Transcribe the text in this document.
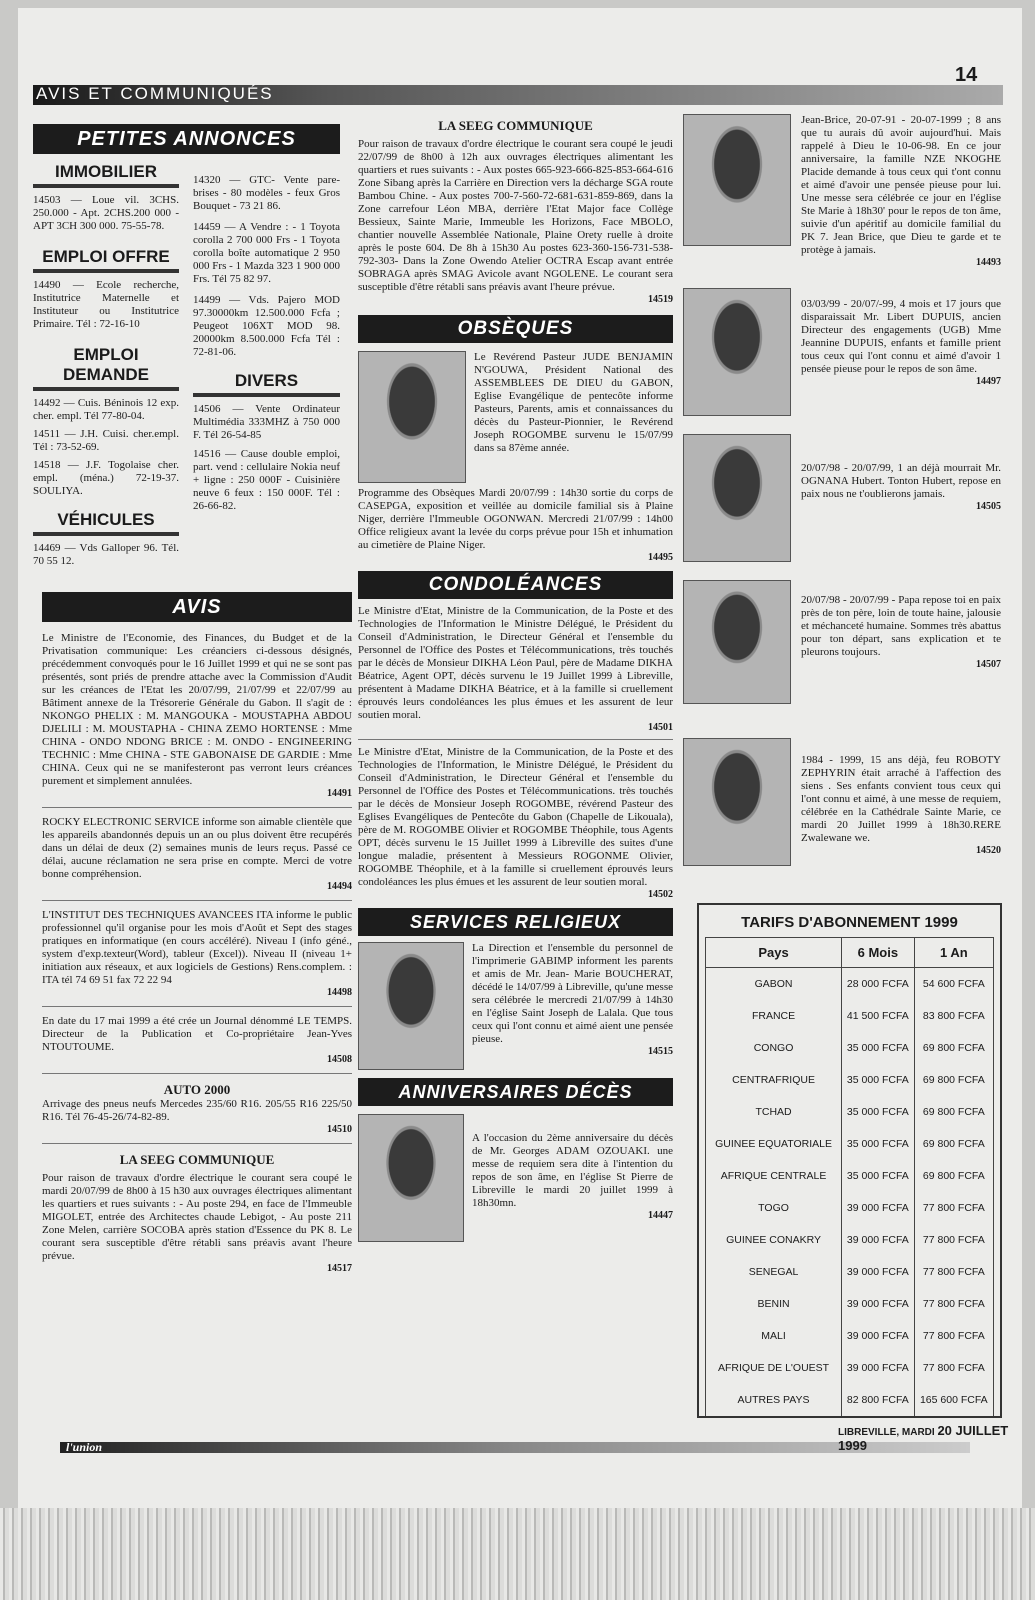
AVIS ET COMMUNIQUÉS
14
PETITES ANNONCES
IMMOBILIER
14503 — Loue vil. 3CHS. 250.000 - Apt. 2CHS.200 000 - APT 3CH 300 000. 75-55-78.
EMPLOI OFFRE
14490 — Ecole recherche, Institutrice Maternelle et Instituteur ou Institutrice Primaire. Tél : 72-16-10
EMPLOI DEMANDE
14492 — Cuis. Béninois 12 exp. cher. empl. Tél 77-80-04.
14511 — J.H. Cuisi. cher.empl. Tél : 73-52-69.
14518 — J.F. Togolaise cher. empl. (ména.) 72-19-37. SOULIYA.
VÉHICULES
14469 — Vds Galloper 96. Tél. 70 55 12.
14320 — GTC- Vente pare-brises - 80 modèles - feux Gros Bouquet - 73 21 86.
14459 — A Vendre : - 1 Toyota corolla 2 700 000 Frs - 1 Toyota corolla boîte automatique 2 950 000 Frs - 1 Mazda 323 1 900 000 Frs. Tél 75 82 97.
14499 — Vds. Pajero MOD 97.30000km 12.500.000 Fcfa ; Peugeot 106XT MOD 98. 20000km 8.500.000 Fcfa Tél : 72-81-06.
DIVERS
14506 — Vente Ordinateur Multimédia 333MHZ à 750 000 F. Tél 26-54-85
14516 — Cause double emploi, part. vend : cellulaire Nokia neuf + ligne : 250 000F - Cuisinière neuve 6 feux : 150 000F. Tél : 26-66-82.
AVIS
Le Ministre de l'Economie, des Finances, du Budget et de la Privatisation communique: Les créanciers ci-dessous désignés, précédemment convoqués pour le 16 Juillet 1999 et qui ne se sont pas présentés, sont priés de prendre attache avec la Commission d'Audit sur les créances de l'Etat les 20/07/99, 21/07/99 et 22/07/99 au Bâtiment annexe de la Trésorerie Générale du Gabon. Il s'agit de : NKONGO PHELIX : M. MANGOUKA - MOUSTAPHA ABDOU DJELILI : M. MOUSTAPHA - CHINA ZEMO HORTENSE : Mme CHINA - ONDO NDONG BRICE : M. ONDO - ENGINEERING TECHNIC : Mme CHINA - STE GABONAISE DE GARDIE : Mme CHINA. Ceux qui ne se manifesteront pas verront leurs créances purement et simplement annulées.
14491
ROCKY ELECTRONIC SERVICE informe son aimable clientèle que les appareils abandonnés depuis un an ou plus doivent être recupérés dans un délai de deux (2) semaines munis de leurs reçus. Passé ce délai, aucune réclamation ne sera prise en compte. Merci de votre bonne compréhension.
14494
L'INSTITUT DES TECHNIQUES AVANCEES ITA informe le public professionnel qu'il organise pour les mois d'Août et Sept des stages pratiques en informatique (en cours accéléré). Niveau I (info géné., system d'exp.texteur(Word), tableur (Excel)). Niveau II (niveau 1+ initiation aux réseaux, et aux logiciels de Gestions) Rens.complem. : ITA tél 74 69 51 fax 72 22 94
14498
En date du 17 mai 1999 a été crée un Journal dénommé LE TEMPS. Directeur de la Publication et Co-propriétaire Jean-Yves NTOUTOUME.
14508
AUTO 2000
Arrivage des pneus neufs Mercedes 235/60 R16. 205/55 R16 225/50 R16. Tél 76-45-26/74-82-89.
14510
LA SEEG COMMUNIQUE
Pour raison de travaux d'ordre électrique le courant sera coupé le mardi 20/07/99 de 8h00 à 15 h30 aux ouvrages électriques alimentant les quartiers et rues suivants : - Au poste 294, en face de l'Immeuble MIGOLET, entrée des Architectes chaude Lebigot, - Au poste 211 Zone Melen, carrière SOCOBA après station d'Essence du PK 8. Le courant sera susceptible d'être rétabli sans préavis avant l'heure prévue.
14517
LA SEEG COMMUNIQUE
Pour raison de travaux d'ordre électrique le courant sera coupé le jeudi 22/07/99 de 8h00 à 12h aux ouvrages électriques alimentant les quartiers et rues suivants : - Aux postes 665-923-666-825-853-664-616 Zone Sibang après la Carrière en Direction vers la décharge SGA route Bambou Chine. - Aux postes 700-7-560-72-681-631-859-869, dans la Zone carrefour Léon MBA, derrière l'Etat Major face Collège Bessieux, Sainte Marie, Immeuble les Horizons, Face MBOLO, chantier nouvelle Assemblée Nationale, Plaine Orety ruelle à droite après le poste 604. De 8h à 15h30 Au postes 623-360-156-731-538-792-303- Dans la Zone Owendo Atelier OCTRA Escap avant entrée SOBRAGA après SMAG Avicole avant NGOLENE. Le courant sera susceptible d'être rétabli sans préavis avant l'heure prévue.
14519
OBSÈQUES
Le Revérend Pasteur JUDE BENJAMIN N'GOUWA, Président National des ASSEMBLEES DE DIEU du GABON, Eglise Evangélique de pentecôte informe Pasteurs, Parents, amis et connaissances du décès du Pasteur-Pionnier, le Revérend Joseph ROGOMBE survenu le 15/07/99 dans sa 87ème année.
Programme des Obsèques Mardi 20/07/99 : 14h30 sortie du corps de CASEPGA, exposition et veillée au domicile familial sis à Plaine Niger, derrière l'Immeuble OGONWAN. Mercredi 21/07/99 : 14h00 Office religieux avant la levée du corps prévue pour 15h et inhumation au cimetière de Plaine Niger.
14495
CONDOLÉANCES
Le Ministre d'Etat, Ministre de la Communication, de la Poste et des Technologies de l'Information le Ministre Délégué, le Président du Conseil d'Administration, le Directeur Général et l'ensemble du Personnel de l'Office des Postes et Télécommunications, très touchés par le décès de Monsieur DIKHA Léon Paul, père de Madame DIKHA Béatrice, Agent OPT, décès survenu le 19 Juillet 1999 à Libreville, présentent à Madame DIKHA Béatrice, et à la famille si cruellement éprouvés leurs condoléances les plus émues et les assurent de leur soutien moral.
14501
Le Ministre d'Etat, Ministre de la Communication, de la Poste et des Technologies de l'Information, le Ministre Délégué, le Président du Conseil d'Administration, le Directeur Général et l'ensemble du Personnel de l'Office des Postes et Télécommunications. très touchés par le décès de Monsieur Joseph ROGOMBE, révérend Pasteur des Eglises Evangéliques de Pentecôte du Gabon (Chapelle de Likouala), père de M. ROGOMBE Olivier et ROGOMBE Théophile, tous Agents OPT, décès survenu le 15 Juillet 1999 à Libreville des suites d'une longue maladie, présentent à Messieurs ROGONME Olivier, ROGOMBE Théophile, et à la famille si cruellement éprouvés leurs condoléances les plus émues et les assurent de leur soutien moral.
14502
SERVICES RELIGIEUX
La Direction et l'ensemble du personnel de l'imprimerie GABIMP informent les parents et amis de Mr. Jean- Marie BOUCHERAT, décédé le 14/07/99 à Libreville, qu'une messe sera célébrée le mercredi 21/07/99 à 14h30 en l'église Saint Joseph de Lalala. Que tous ceux qui l'ont connu et aimé aient une pensée pieuse.
14515
ANNIVERSAIRES DÉCÈS
A l'occasion du 2ème anniversaire du décès de Mr. Georges ADAM OZOUAKI. une messe de requiem sera dite à l'intention du repos de son âme, en l'église St Pierre de Libreville le mardi 20 juillet 1999 à 18h30mn.
14447
Jean-Brice, 20-07-91 - 20-07-1999 ; 8 ans que tu aurais dû avoir aujourd'hui. Mais rappelé à Dieu le 10-06-98. En ce jour anniversaire, la famille NZE NKOGHE Placide demande à tous ceux qui t'ont connu et aimé d'avoir une pensée pieuse pour lui. Une messe sera célébrée ce jour en l'église Ste Marie à 18h30' pour le repos de ton âme, suivie d'un apéritif au domicile familial du PK 7. Jean Brice, que Dieu te garde et te protège à jamais.
14493
03/03/99 - 20/07/-99, 4 mois et 17 jours que disparaissait Mr. Libert DUPUIS, ancien Directeur des engagements (UGB) Mme Jeannine DUPUIS, enfants et famille prient tous ceux qui l'ont connu et aimé d'avoir 1 pensée pieuse pour le repos de son âme.
14497
20/07/98 - 20/07/99, 1 an déjà mourrait Mr. OGNANA Hubert. Tonton Hubert, repose en paix nous ne t'oublierons jamais.
14505
20/07/98 - 20/07/99 - Papa repose toi en paix près de ton père, loin de toute haine, jalousie et méchanceté humaine. Sommes très abattus pour ton départ, sans explication et te pleurons toujours.
14507
1984 - 1999, 15 ans déjà, feu ROBOTY ZEPHYRIN était arraché à l'affection des siens . Ses enfants convient tous ceux qui l'ont connu et aimé, à une messe de requiem, célébrée en la Cathédrale Sainte Marie, ce mardi 20 Juillet 1999 à 18h30.RERE Zwalewane we.
14520
TARIFS D'ABONNEMENT 1999
Pays	6 Mois	1 An
GABON	28 000 FCFA	54 600 FCFA
FRANCE	41 500 FCFA	83 800 FCFA
CONGO	35 000 FCFA	69 800 FCFA
CENTRAFRIQUE	35 000 FCFA	69 800 FCFA
TCHAD	35 000 FCFA	69 800 FCFA
GUINEE EQUATORIALE	35 000 FCFA	69 800 FCFA
AFRIQUE CENTRALE	35 000 FCFA	69 800 FCFA
TOGO	39 000 FCFA	77 800 FCFA
GUINEE CONAKRY	39 000 FCFA	77 800 FCFA
SENEGAL	39 000 FCFA	77 800 FCFA
BENIN	39 000 FCFA	77 800 FCFA
MALI	39 000 FCFA	77 800 FCFA
AFRIQUE DE L'OUEST	39 000 FCFA	77 800 FCFA
AUTRES PAYS	82 800 FCFA	165 600 FCFA
l'union
LIBREVILLE, MARDI 20 JUILLET 1999
